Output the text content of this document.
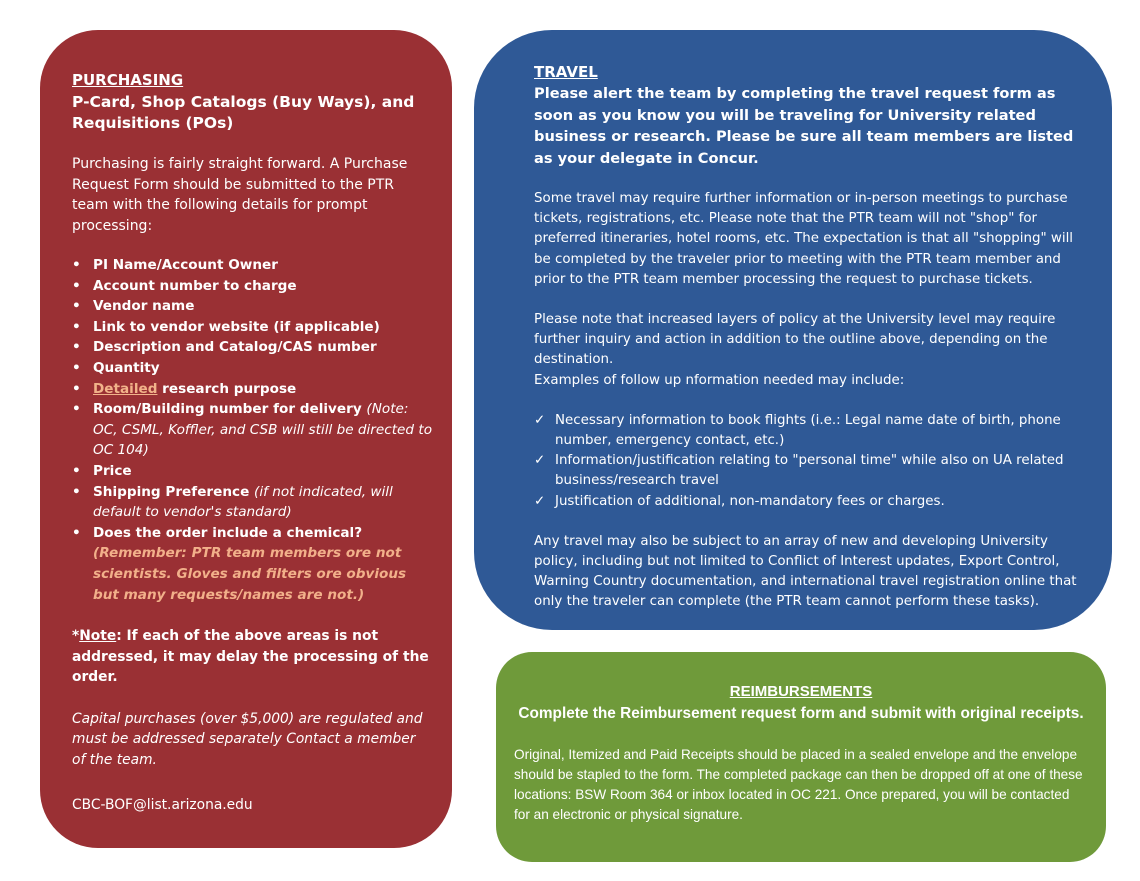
PURCHASING

P-Card, Shop Catalogs (Buy Ways), and Requisitions (POs)

Purchasing is fairly straight forward. A Purchase Request Form should be submitted to the PTR team with the following details for prompt processing:

• PI Name/Account Owner
• Account number to charge
• Vendor name
• Link to vendor website (if applicable)
• Description and Catalog/CAS number
• Quantity
• Detailed research purpose
• Room/Building number for delivery (Note: OC, CSML, Koffler, and CSB will still be directed to OC 104)
• Price
• Shipping Preference (if not indicated, will default to vendor's standard)
• Does the order include a chemical?
(Remember: PTR team members ore not scientists. Gloves and filters ore obvious but many requests/names are not.)

*Note: If each of the above areas is not addressed, it may delay the processing of the order.

Capital purchases (over $5,000) are regulated and must be addressed separately Contact a member of the team.

CBC-BOF@list.arizona.edu

TRAVEL

Please alert the team by completing the travel request form as soon as you know you will be traveling for University related business or research. Please be sure all team members are listed as your delegate in Concur.

Some travel may require further information or in-person meetings to purchase tickets, registrations, etc. Please note that the PTR team will not "shop" for preferred itineraries, hotel rooms, etc. The expectation is that all "shopping" will be completed by the traveler prior to meeting with the PTR team member and prior to the PTR team member processing the request to purchase tickets.

Please note that increased layers of policy at the University level may require further inquiry and action in addition to the outline above, depending on the destination.

Examples of follow up nformation needed may include:

✓ Necessary information to book flights (i.e.: Legal name date of birth, phone number, emergency contact, etc.)
✓ Information/justification relating to "personal time" while also on UA related business/research travel
✓ Justification of additional, non-mandatory fees or charges.

Any travel may also be subject to an array of new and developing University policy, including but not limited to Conflict of Interest updates, Export Control, Warning Country documentation, and international travel registration online that only the traveler can complete (the PTR team cannot perform these tasks).

REIMBURSEMENTS

Complete the Reimbursement request form and submit with original receipts.

Original, Itemized and Paid Receipts should be placed in a sealed envelope and the envelope should be stapled to the form. The completed package can then be dropped off at one of these locations: BSW Room 364 or inbox located in OC 221. Once prepared, you will be contacted for an electronic or physical signature.
